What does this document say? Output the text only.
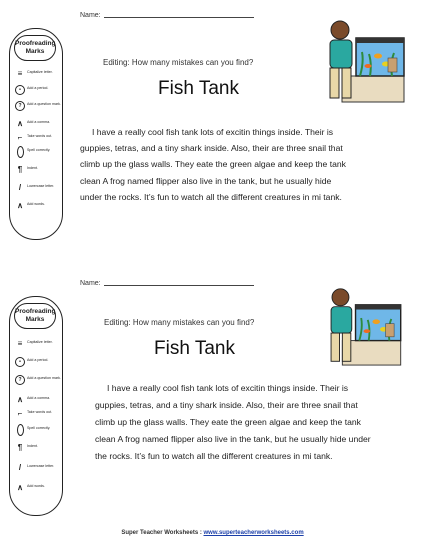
Name:
Proofreading Marks
≡	Capitalize letter.
•	Add a period.
?	Add a question mark.
∧	Add a comma.
⌐	Take words out.
Spell correctly.
¶	Indent.
/	Lowercase letter.
∧	Add words.
Editing: How many mistakes can you find?
Fish Tank
I have a really cool fish tank lots of excitin things inside. Their is guppies, tetras, and a tiny shark inside. Also, their are three snail that climb up the glass walls. They eate the green algae and keep the tank clean A frog named flipper also live in the tank, but he usually hide under the rocks. It’s fun to watch all the different creatures in mi tank.
Name:
Proofreading Marks
≡	Capitalize letter.
•	Add a period.
?	Add a question mark.
∧	Add a comma.
⌐	Take words out.
Spell correctly.
¶	Indent.
/	Lowercase letter.
∧	Add words.
Editing: How many mistakes can you find?
Fish Tank
I have a really cool fish tank lots of excitin things inside. Their is guppies, tetras, and a tiny shark inside. Also, their are three snail that climb up the glass walls. They eate the green algae and keep the tank clean A frog named flipper also live in the tank, but he usually hide under the rocks. It’s fun to watch all the different creatures in mi tank.
Super Teacher Worksheets : www.superteacherworksheets.com
